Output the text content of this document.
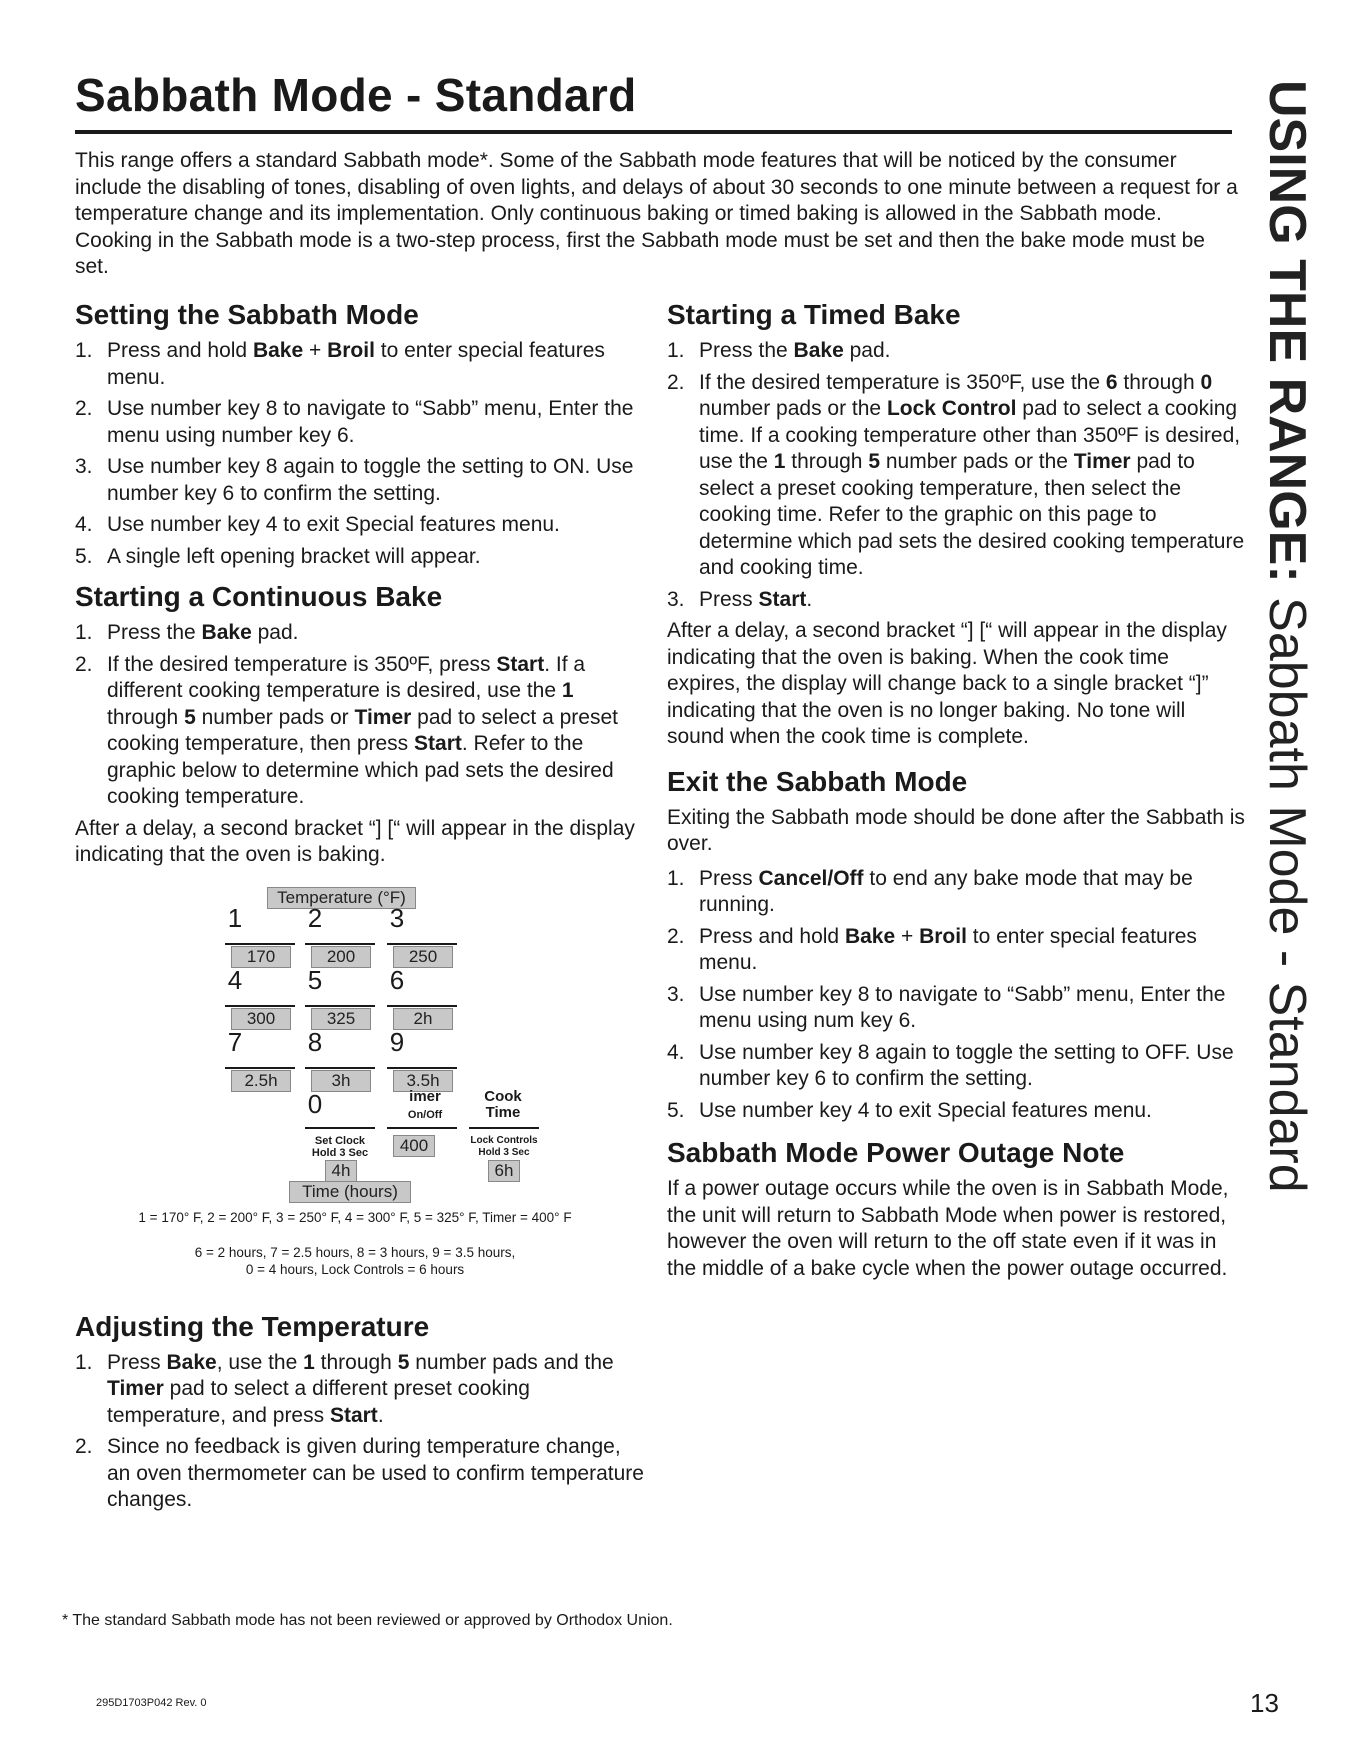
Sabbath Mode - Standard	USING THE RANGE: Sabbath Mode - Standard
This range offers a standard Sabbath mode*. Some of the Sabbath mode features that will be noticed by the consumer include the disabling of tones, disabling of oven lights, and delays of about 30 seconds to one minute between a request for a temperature change and its implementation. Only continuous baking or timed baking is allowed in the Sabbath mode. Cooking in the Sabbath mode is a two-step process, first the Sabbath mode must be set and then the bake mode must be set.
Setting the Sabbath Mode
1. Press and hold Bake + Broil to enter special features menu.
2. Use number key 8 to navigate to “Sabb” menu, Enter the menu using number key 6.
3. Use number key 8 again to toggle the setting to ON. Use number key 6 to confirm the setting.
4. Use number key 4 to exit Special features menu.
5. A single left opening bracket will appear.
Starting a Continuous Bake
1. Press the Bake pad.
2. If the desired temperature is 350ºF, press Start. If a different cooking temperature is desired, use the 1 through 5 number pads or Timer pad to select a preset cooking temperature, then press Start. Refer to the graphic below to determine which pad sets the desired cooking temperature.

After a delay, a second bracket “] [“ will appear in the display indicating that the oven is baking.

Temperature (°F)
1	2	3
170	200	250
4	5	6
300	325	2h
7	8	9
2.5h	3h	3.5h
0	imer
On/Off
Cook
Time
Set Clock
Hold 3 Sec	400	Lock Controls
Hold 3 Sec
4h	6h
Time (hours)
1 = 170° F, 2 = 200° F, 3 = 250° F, 4 = 300° F, 5 = 325° F, Timer = 400° F
6 = 2 hours, 7 = 2.5 hours, 8 = 3 hours, 9 = 3.5 hours,
0 = 4 hours, Lock Controls = 6 hours
Adjusting the Temperature
1. Press Bake, use the 1 through 5 number pads and the Timer pad to select a different preset cooking temperature, and press Start.
2. Since no feedback is given during temperature change, an oven thermometer can be used to confirm temperature changes.
Starting a Timed Bake
1. Press the Bake pad.
2. If the desired temperature is 350ºF, use the 6 through 0 number pads or the Lock Control pad to select a cooking time. If a cooking temperature other than 350ºF is desired, use the 1 through 5 number pads or the Timer pad to select a preset cooking temperature, then select the cooking time. Refer to the graphic on this page to determine which pad sets the desired cooking temperature and cooking time.
3. Press Start.

After a delay, a second bracket “] [“ will appear in the display indicating that the oven is baking. When the cook time expires, the display will change back to a single bracket “]” indicating that the oven is no longer baking. No tone will sound when the cook time is complete.

Exit the Sabbath Mode

Exiting the Sabbath mode should be done after the Sabbath is over.

1. Press Cancel/Off to end any bake mode that may be running.
2. Press and hold Bake + Broil to enter special features menu.
3. Use number key 8 to navigate to “Sabb” menu, Enter the menu using num key 6.
4. Use number key 8 again to toggle the setting to OFF. Use number key 6 to confirm the setting.
5. Use number key 4 to exit Special features menu.
Sabbath Mode Power Outage Note

If a power outage occurs while the oven is in Sabbath Mode, the unit will return to Sabbath Mode when power is restored, however the oven will return to the off state even if it was in the middle of a bake cycle when the power outage occurred.

* The standard Sabbath mode has not been reviewed or approved by Orthodox Union.
295D1703P042 Rev. 0	13
